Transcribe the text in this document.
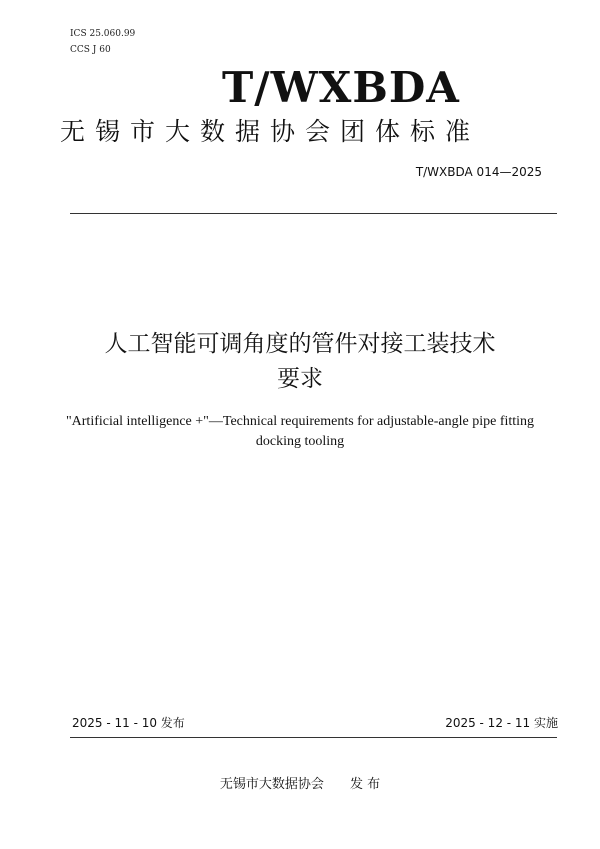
ICS 25.060.99
CCS J 60
T/WXBDA
无锡市大数据协会团体标准
T/WXBDA 014—2025
人工智能可调角度的管件对接工装技术
要求
"Artificial intelligence +"—Technical requirements for adjustable-angle pipe fitting
docking tooling
2025 - 11 - 10 发布	2025 - 12 - 11 实施
无锡市大数据协会 发 布
